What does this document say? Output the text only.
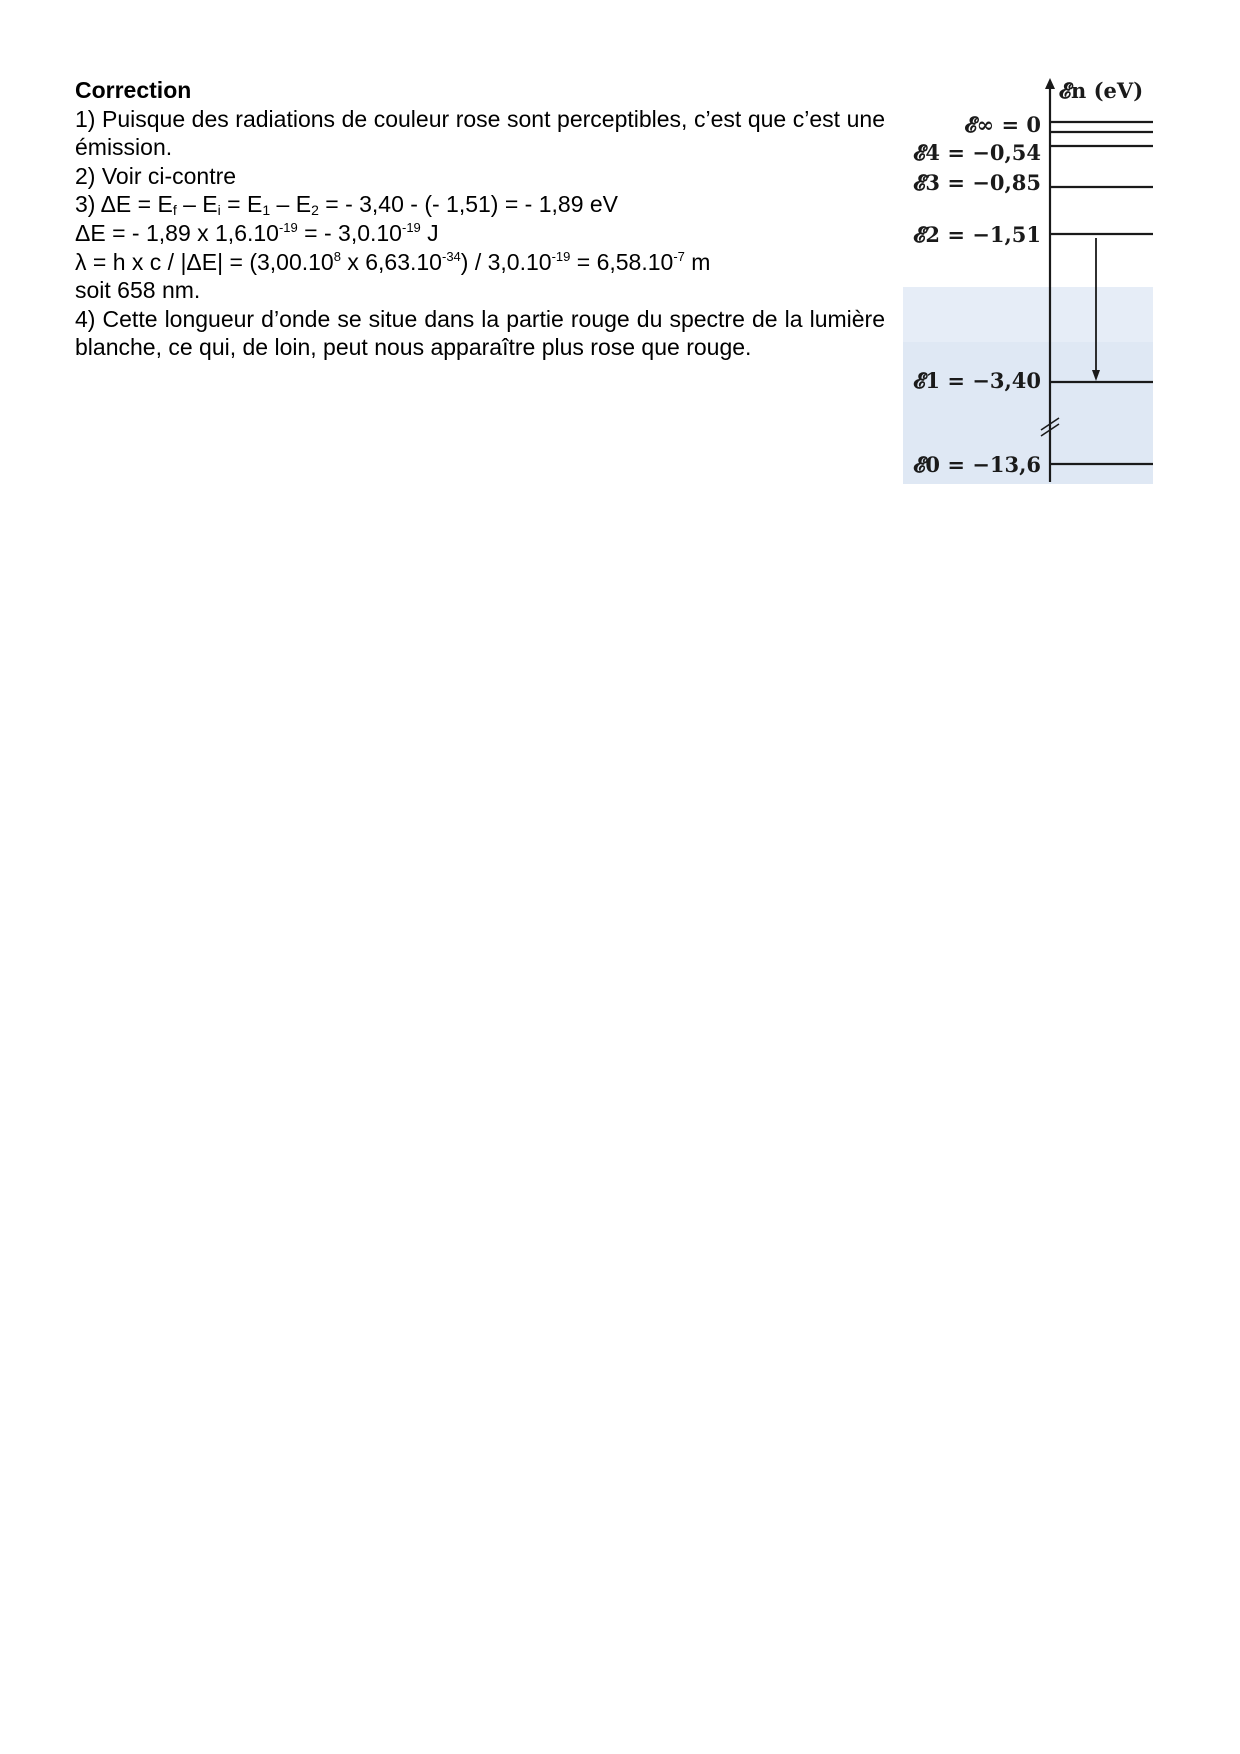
Correction

1) Puisque des radiations de couleur rose sont perceptibles, c’est que c’est une émission.

2) Voir ci-contre

3) $\Delta E = E_f - E_i = E_1 - E_2$ = - 3,40 - (- 1,51) = - 1,89 eV

ΔE = - 1,89 x $1,6.10^{-19}$ = - $3,0.10^{-19}$ J

λ = h x $c / |\Delta E| = (3,00.10^8$ x $6,63.10^{-34}) / 3,0.10^{-19} = 6,58.10^{-7}$ m

soit 658 nm.

4) Cette longueur d’onde se situe dans la partie rouge du spectre de la lumière blanche, ce qui, de loin, peut nous apparaître plus rose que rouge.

𝓔n (eV)
𝓔∞ = 0
𝓔4 = −0,54
𝓔3 = −0,85
𝓔2 = −1,51
𝓔1 = −3,40
𝓔0 = −13,6
